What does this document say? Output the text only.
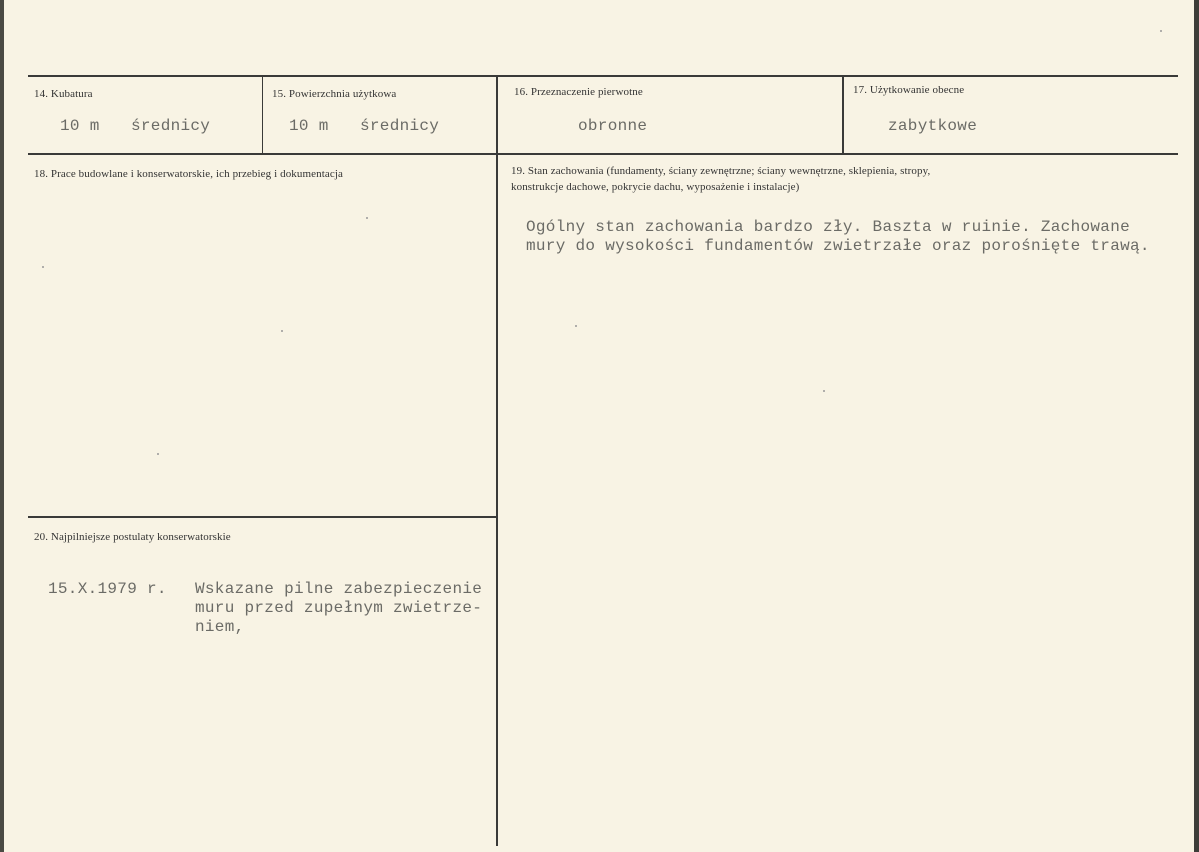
14. Kubatura
10 m średnicy
15. Powierzchnia użytkowa
10 m średnicy
16. Przeznaczenie pierwotne
obronne
17. Użytkowanie obecne
zabytkowe
18. Prace budowlane i konserwatorskie, ich przebieg i dokumentacja	19. Stan zachowania (fundamenty, ściany zewnętrzne; ściany wewnętrzne, sklepienia, stropy,
konstrukcje dachowe, pokrycie dachu, wyposażenie i instalacje)
Ogólny stan zachowania bardzo zły. Baszta w ruinie. Zachowane
mury do wysokości fundamentów zwietrzałe oraz porośnięte trawą.
20. Najpilniejsze postulaty konserwatorskie
15.X.1979 r. Wskazane pilne zabezpieczenie
muru przed zupełnym zwietrze-
niem,
